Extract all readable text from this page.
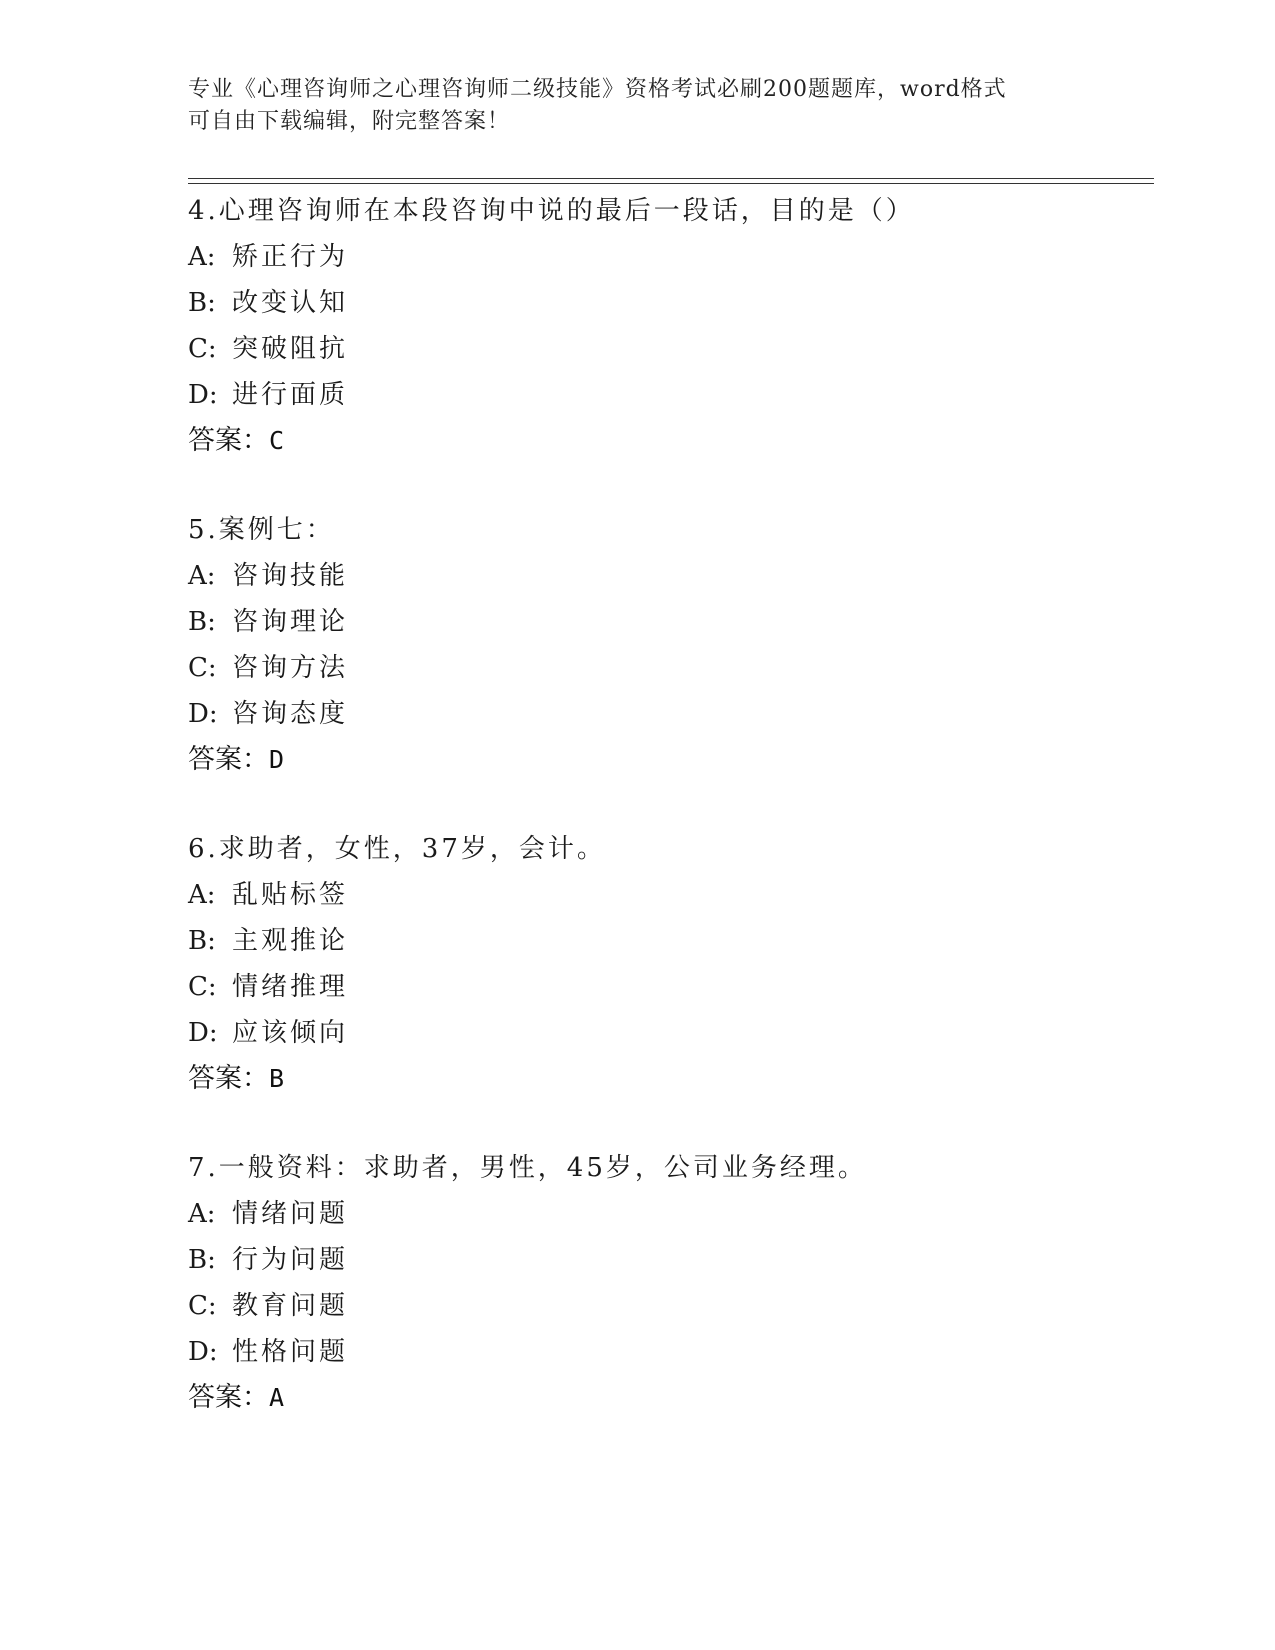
专业《心理咨询师之心理咨询师二级技能》资格考试必刷200题题库，word格式
可自由下载编辑，附完整答案！
4.心理咨询师在本段咨询中说的最后一段话，目的是（）
A: 矫正行为
B: 改变认知
C: 突破阻抗
D: 进行面质
答案：C
5.案例七：
A: 咨询技能
B: 咨询理论
C: 咨询方法
D: 咨询态度
答案：D
6.求助者，女性，37岁，会计。
A: 乱贴标签
B: 主观推论
C: 情绪推理
D: 应该倾向
答案：B
7.一般资料：求助者，男性，45岁，公司业务经理。
A: 情绪问题
B: 行为问题
C: 教育问题
D: 性格问题
答案：A
